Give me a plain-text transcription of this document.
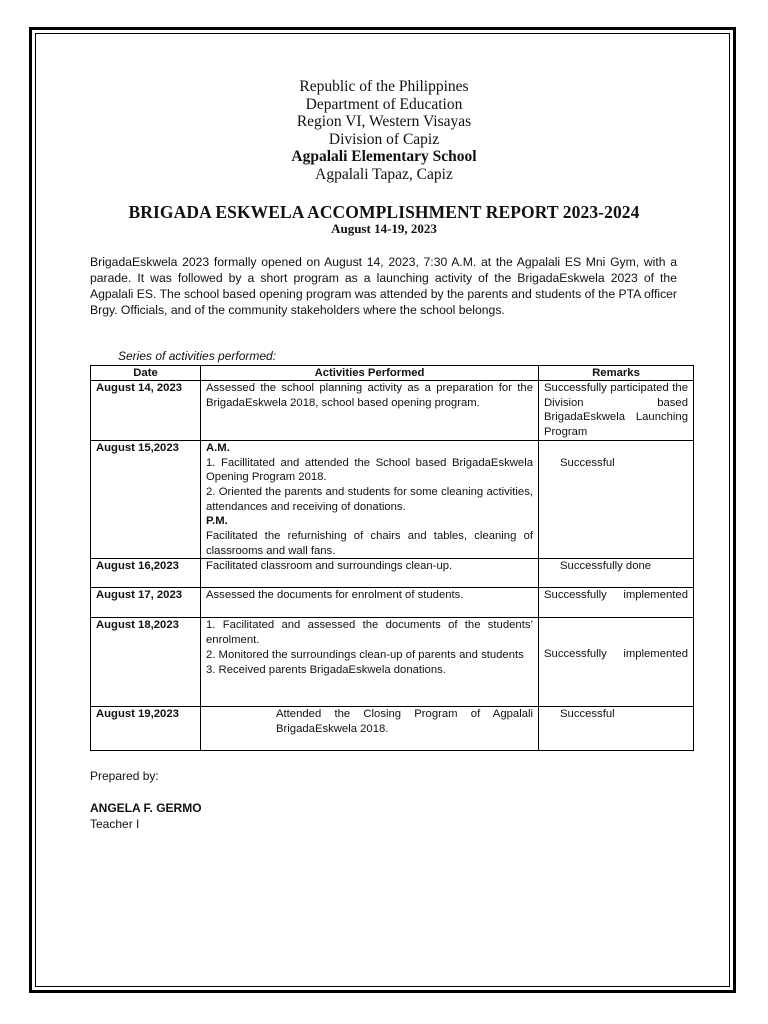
Republic of the Philippines
Department of Education
Region VI, Western Visayas
Division of Capiz
Agpalali Elementary School
Agpalali Tapaz, Capiz
BRIGADA ESKWELA ACCOMPLISHMENT REPORT 2023-2024
August 14-19, 2023

BrigadaEskwela 2023 formally opened on August 14, 2023, 7:30 A.M. at the Agpalali ES Mni Gym, with a parade. It was followed by a short program as a launching activity of the BrigadaEskwela 2023 of the Agpalali ES. The school based opening program was attended by the parents and students of the PTA officer Brgy. Officials, and of the community stakeholders where the school belongs.

Series of activities performed:
Date	Activities Performed	Remarks
August 14, 2023	Assessed the school planning activity as a preparation for the BrigadaEskwela 2018, school based opening program.	Successfully participated the Division based BrigadaEskwela Launching Program
August 15,2023	A.M.
1. Facillitated and attended the School based BrigadaEskwela Opening Program 2018.
2. Oriented the parents and students for some cleaning activities, attendances and receiving of donations.
P.M.
Facilitated the refurnishing of chairs and tables, cleaning of classrooms and wall fans.	Successful
August 16,2023	Facilitated classroom and surroundings clean-up.	Successfully done
August 17, 2023	Assessed the documents for enrolment of students.	Successfully implemented

August 18,2023	1. Facilitated and assessed the documents of the students’ enrolment.
2. Monitored the surroundings clean-up of parents and students
3. Received parents BrigadaEskwela donations.	Successfully implemented

August 19,2023	Attended the Closing Program of Agpalali BrigadaEskwela 2018.	Successful
Prepared by:
ANGELA F. GERMO
Teacher I
